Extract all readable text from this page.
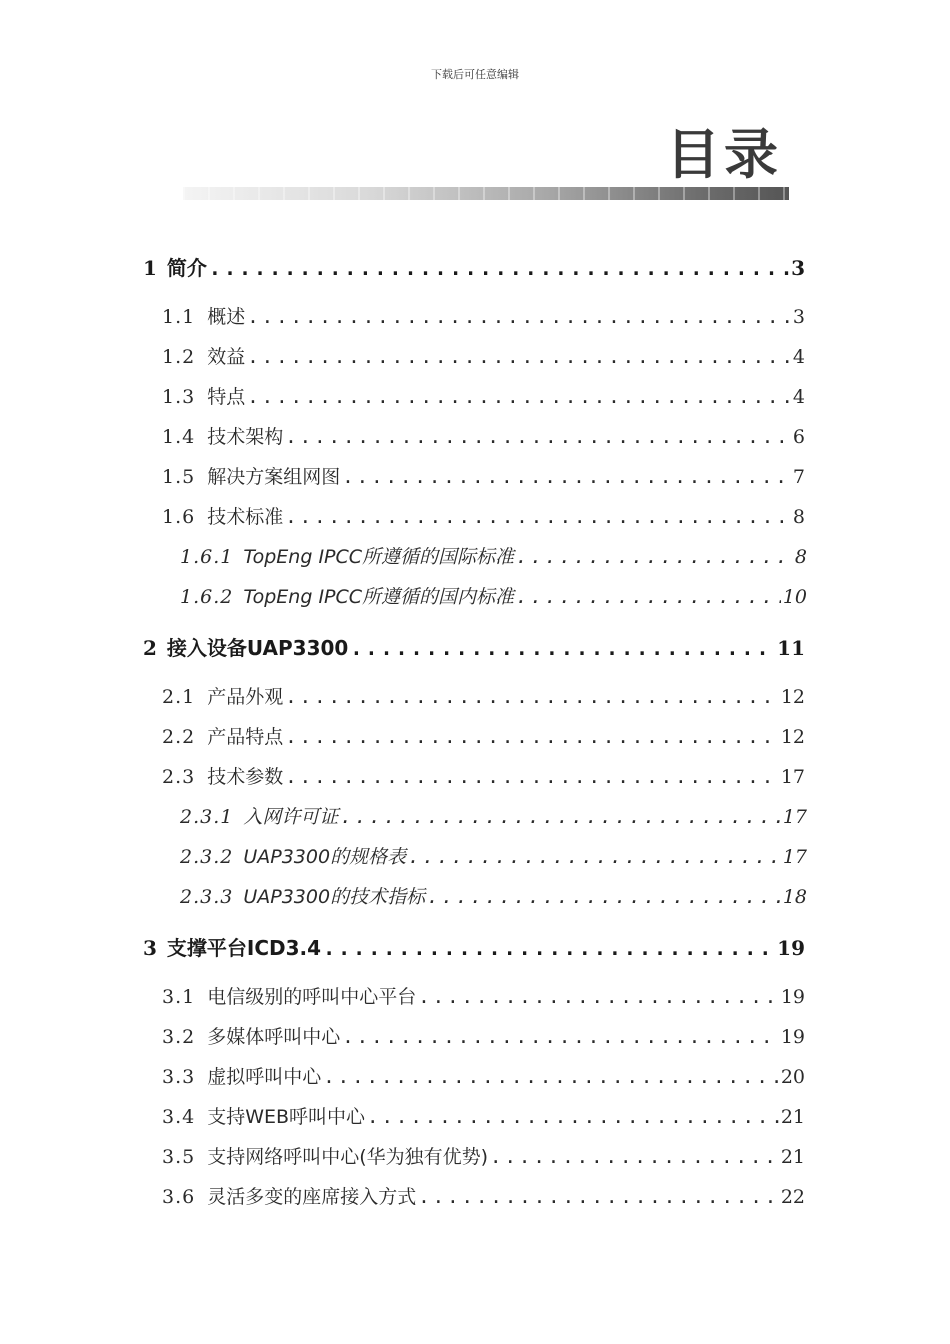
下载后可任意编辑
目录
1 简介 .....	3
1.1 概述 .....	3
1.2 效益 .....	4
1.3 特点 .....	4
1.4 技术架构 .....	6
1.5 解决方案组网图 .....	7
1.6 技术标准 .....	8
1.6.1 TopEng IPCC所遵循的国际标准 .....	8
1.6.2 TopEng IPCC所遵循的国内标准 .....	10
2 接入设备UAP3300 .....	11
2.1 产品外观 .....	12
2.2 产品特点 .....	12
2.3 技术参数 .....	17
2.3.1 入网许可证 .....	17
2.3.2 UAP3300的规格表 .....	17
2.3.3 UAP3300的技术指标 .....	18
3 支撑平台ICD3.4 .....	19
3.1 电信级别的呼叫中心平台 .....	19
3.2 多媒体呼叫中心 .....	19
3.3 虚拟呼叫中心 .....	20
3.4 支持WEB呼叫中心 .....	21
3.5 支持网络呼叫中心(华为独有优势) .....	21
3.6 灵活多变的座席接入方式 .....	22
